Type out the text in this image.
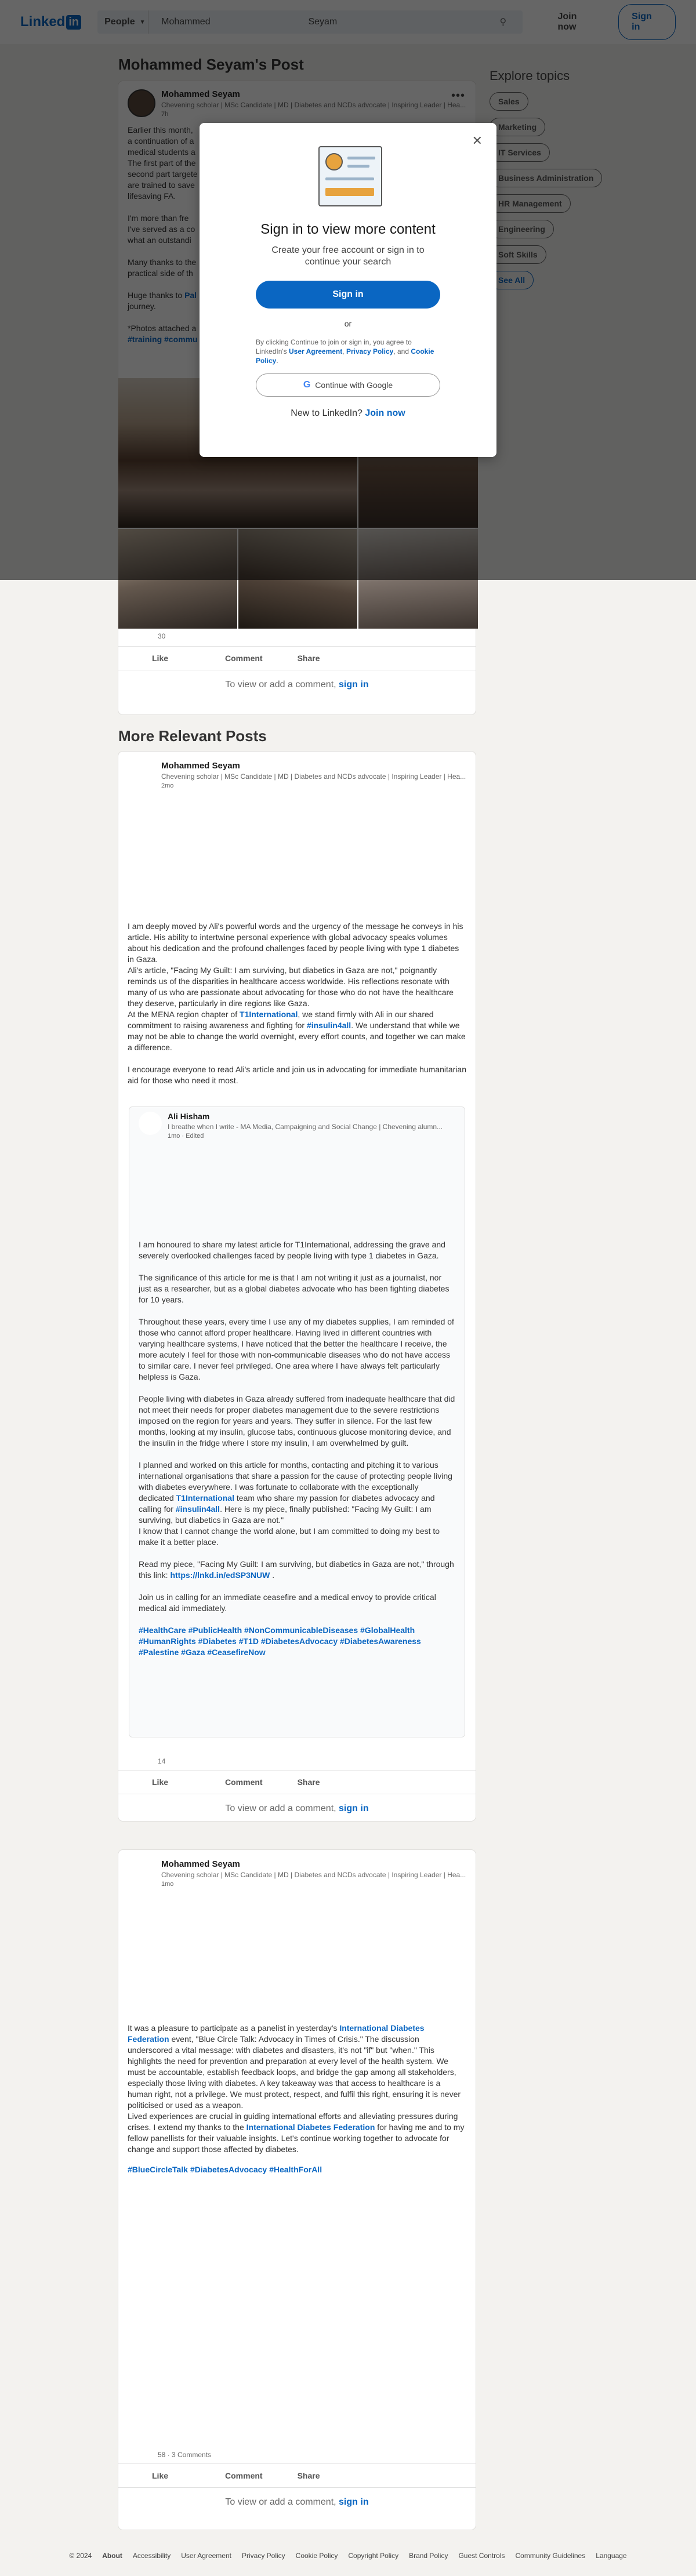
30
Like	Comment	Share
To view or add a comment, sign in
More Relevant Posts
Mohammed Seyam
Chevening scholar | MSc Candidate | MD | Diabetes and NCDs advocate | Inspiring Leader | Hea...
2mo
I am deeply moved by Ali's powerful words and the urgency of the message he conveys in his article. His ability to intertwine personal experience with global advocacy speaks volumes about his dedication and the profound challenges faced by people living with type 1 diabetes in Gaza.
Ali's article, "Facing My Guilt: I am surviving, but diabetics in Gaza are not," poignantly reminds us of the disparities in healthcare access worldwide. His reflections resonate with many of us who are passionate about advocating for those who do not have the healthcare they deserve, particularly in dire regions like Gaza.
At the MENA region chapter of T1International, we stand firmly with Ali in our shared commitment to raising awareness and fighting for #insulin4all. We understand that while we may not be able to change the world overnight, every effort counts, and together we can make a difference.
I encourage everyone to read Ali's article and join us in advocating for immediate humanitarian aid for those who need it most.
Ali Hisham
I breathe when I write - MA Media, Campaigning and Social Change | Chevening alumn...
1mo · Edited

I am honoured to share my latest article for T1International, addressing the grave and severely overlooked challenges faced by people living with type 1 diabetes in Gaza.

The significance of this article for me is that I am not writing it just as a journalist, nor just as a researcher, but as a global diabetes advocate who has been fighting diabetes for 10 years.

Throughout these years, every time I use any of my diabetes supplies, I am reminded of those who cannot afford proper healthcare. Having lived in different countries with varying healthcare systems, I have noticed that the better the healthcare I receive, the more acutely I feel for those with non-communicable diseases who do not have access to similar care. I never feel privileged. One area where I have always felt particularly helpless is Gaza.

People living with diabetes in Gaza already suffered from inadequate healthcare that did not meet their needs for proper diabetes management due to the severe restrictions imposed on the region for years and years. They suffer in silence. For the last few months, looking at my insulin, glucose tabs, continuous glucose monitoring device, and the insulin in the fridge where I store my insulin, I am overwhelmed by guilt.

I planned and worked on this article for months, contacting and pitching it to various international organisations that share a passion for the cause of protecting people living with diabetes everywhere. I was fortunate to collaborate with the exceptionally dedicated T1International team who share my passion for diabetes advocacy and calling for #insulin4all. Here is my piece, finally published: "Facing My Guilt: I am surviving, but diabetics in Gaza are not."
I know that I cannot change the world alone, but I am committed to doing my best to make it a better place.

Read my piece, "Facing My Guilt: I am surviving, but diabetics in Gaza are not," through this link: https://lnkd.in/edSP3NUW .

Join us in calling for an immediate ceasefire and a medical envoy to provide critical medical aid immediately.

#HealthCare #PublicHealth #NonCommunicableDiseases #GlobalHealth #HumanRights #Diabetes #T1D #DiabetesAdvocacy #DiabetesAwareness #Palestine #Gaza #CeasefireNow

14
Like	Comment	Share
To view or add a comment, sign in
Mohammed Seyam
Chevening scholar | MSc Candidate | MD | Diabetes and NCDs advocate | Inspiring Leader | Hea...
1mo
It was a pleasure to participate as a panelist in yesterday's International Diabetes Federation event, "Blue Circle Talk: Advocacy in Times of Crisis." The discussion underscored a vital message: with diabetes and disasters, it's not "if" but "when." This highlights the need for prevention and preparation at every level of the health system. We must be accountable, establish feedback loops, and bridge the gap among all stakeholders, especially those living with diabetes. A key takeaway was that access to healthcare is a human right, not a privilege. We must protect, respect, and fulfil this right, ensuring it is never politicised or used as a weapon.
Lived experiences are crucial in guiding international efforts and alleviating pressures during crises. I extend my thanks to the International Diabetes Federation for having me and to my fellow panellists for their valuable insights. Let's continue working together to advocate for change and support those affected by diabetes.
#BlueCircleTalk #DiabetesAdvocacy #HealthForAll
58 · 3 Comments
Like	Comment	Share
To view or add a comment, sign in
© 2024 About Accessibility User Agreement Privacy Policy Cookie Policy Copyright Policy Brand Policy Guest Controls Community Guidelines Language
✕
Sign in to view more content
Create your free account or sign in to continue your search
Sign in
or
By clicking Continue to join or sign in, you agree to LinkedIn's User Agreement, Privacy Policy, and Cookie Policy.
G Continue with Google
New to LinkedIn? Join now
